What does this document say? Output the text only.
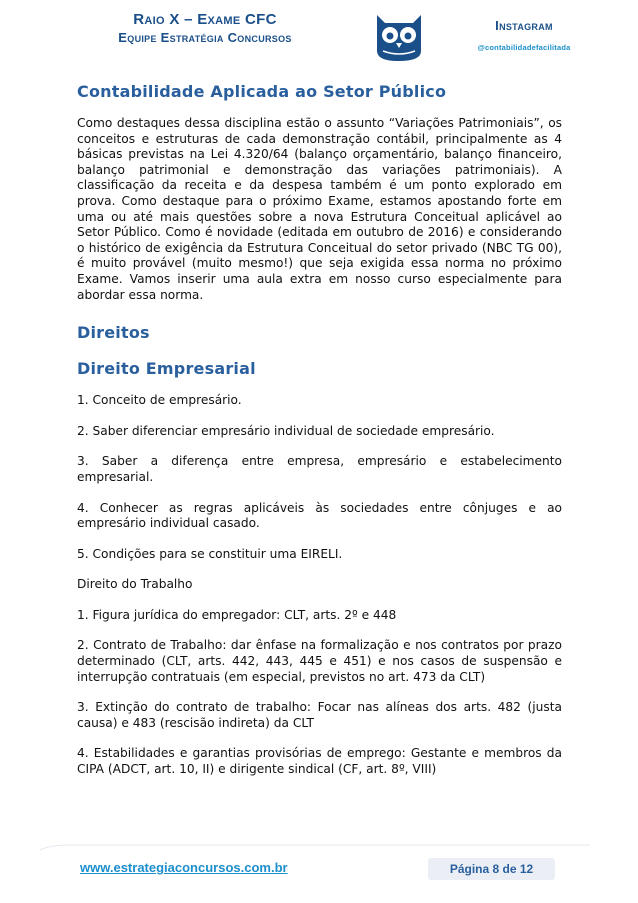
Raio X – Exame CFC
Equipe Estratégia Concursos
Instagram
@contabilidadefacilitada
Contabilidade Aplicada ao Setor Público

Como destaques dessa disciplina estão o assunto “Variações Patrimoniais”, os conceitos e estruturas de cada demonstração contábil, principalmente as 4 básicas previstas na Lei 4.320/64 (balanço orçamentário, balanço financeiro, balanço patrimonial e demonstração das variações patrimoniais). A classificação da receita e da despesa também é um ponto explorado em prova. Como destaque para o próximo Exame, estamos apostando forte em uma ou até mais questões sobre a nova Estrutura Conceitual aplicável ao Setor Público. Como é novidade (editada em outubro de 2016) e considerando o histórico de exigência da Estrutura Conceitual do setor privado (NBC TG 00), é muito provável (muito mesmo!) que seja exigida essa norma no próximo Exame. Vamos inserir uma aula extra em nosso curso especialmente para abordar essa norma.

Direitos
Direito Empresarial

1. Conceito de empresário.

2. Saber diferenciar empresário individual de sociedade empresário.

3. Saber a diferença entre empresa, empresário e estabelecimento empresarial.

4. Conhecer as regras aplicáveis às sociedades entre cônjuges e ao empresário individual casado.

5. Condições para se constituir uma EIRELI.

Direito do Trabalho

1. Figura jurídica do empregador: CLT, arts. 2º e 448

2. Contrato de Trabalho: dar ênfase na formalização e nos contratos por prazo determinado (CLT, arts. 442, 443, 445 e 451) e nos casos de suspensão e interrupção contratuais (em especial, previstos no art. 473 da CLT)

3. Extinção do contrato de trabalho: Focar nas alíneas dos arts. 482 (justa causa) e 483 (rescisão indireta) da CLT

4. Estabilidades e garantias provisórias de emprego: Gestante e membros da CIPA (ADCT, art. 10, II) e dirigente sindical (CF, art. 8º, VIII)

www.estrategiaconcursos.com.br	Página 8 de 12
